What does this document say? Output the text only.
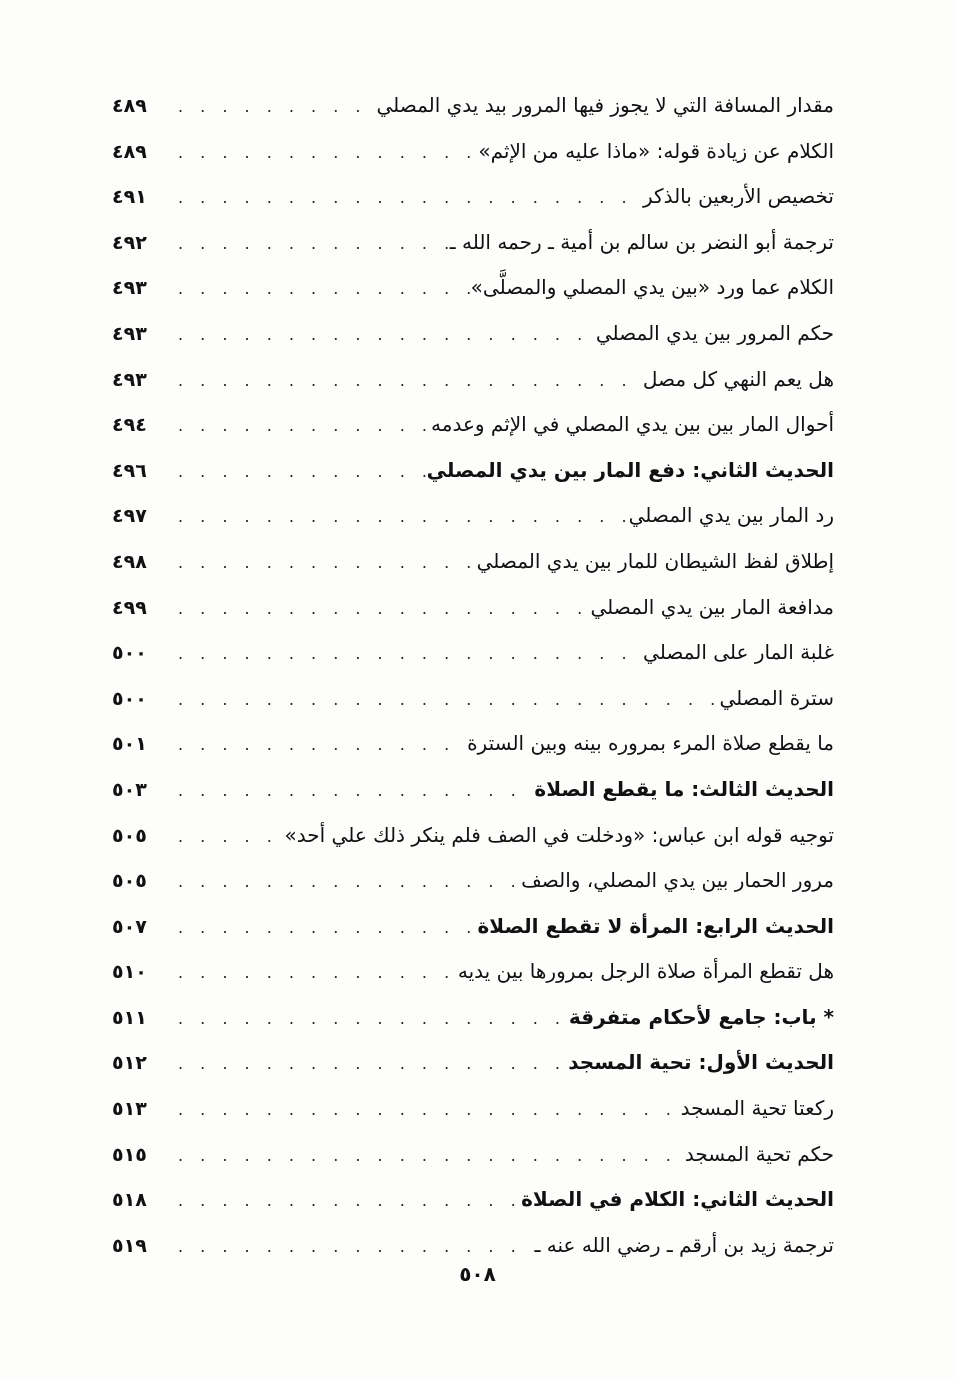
مقدار المسافة التي لا يجوز فيها المرور بيد يدي المصلي
. . .
٤٨٩
الكلام عن زيادة قوله: «ماذا عليه من الإثم»
. . .
٤٨٩
تخصيص الأربعين بالذكر
. . .
٤٩١
ترجمة أبو النضر بن سالم بن أمية ـ رحمه الله ـ
. . .
٤٩٢
الكلام عما ورد «بين يدي المصلي والمصلَّى»
. . .
٤٩٣
حكم المرور بين يدي المصلي
. . .
٤٩٣
هل يعم النهي كل مصل
. . .
٤٩٣
أحوال المار بين بين يدي المصلي في الإثم وعدمه
. . .
٤٩٤
الحديث الثاني: دفع المار بين يدي المصلي
. . .
٤٩٦
رد المار بين يدي المصلي
. . .
٤٩٧
إطلاق لفظ الشيطان للمار بين يدي المصلي
. . .
٤٩٨
مدافعة المار بين يدي المصلي
. . .
٤٩٩
غلبة المار على المصلي
. . .
٥٠٠
سترة المصلي
. . .
٥٠٠
ما يقطع صلاة المرء بمروره بينه وبين السترة
. . .
٥٠١
الحديث الثالث: ما يقطع الصلاة
. . .
٥٠٣
توجيه قوله ابن عباس: «ودخلت في الصف فلم ينكر ذلك علي أحد»
. . .
٥٠٥
مرور الحمار بين يدي المصلي، والصف
. . .
٥٠٥
الحديث الرابع: المرأة لا تقطع الصلاة
. . .
٥٠٧
هل تقطع المرأة صلاة الرجل بمرورها بين يديه
. . .
٥١٠
* باب: جامع لأحكام متفرقة
. . .
٥١١
الحديث الأول: تحية المسجد
. . .
٥١٢
ركعتا تحية المسجد
. . .
٥١٣
حكم تحية المسجد
. . .
٥١٥
الحديث الثاني: الكلام في الصلاة
. . .
٥١٨
ترجمة زيد بن أرقم ـ رضي الله عنه ـ
. . .
٥١٩
٥٠٨
